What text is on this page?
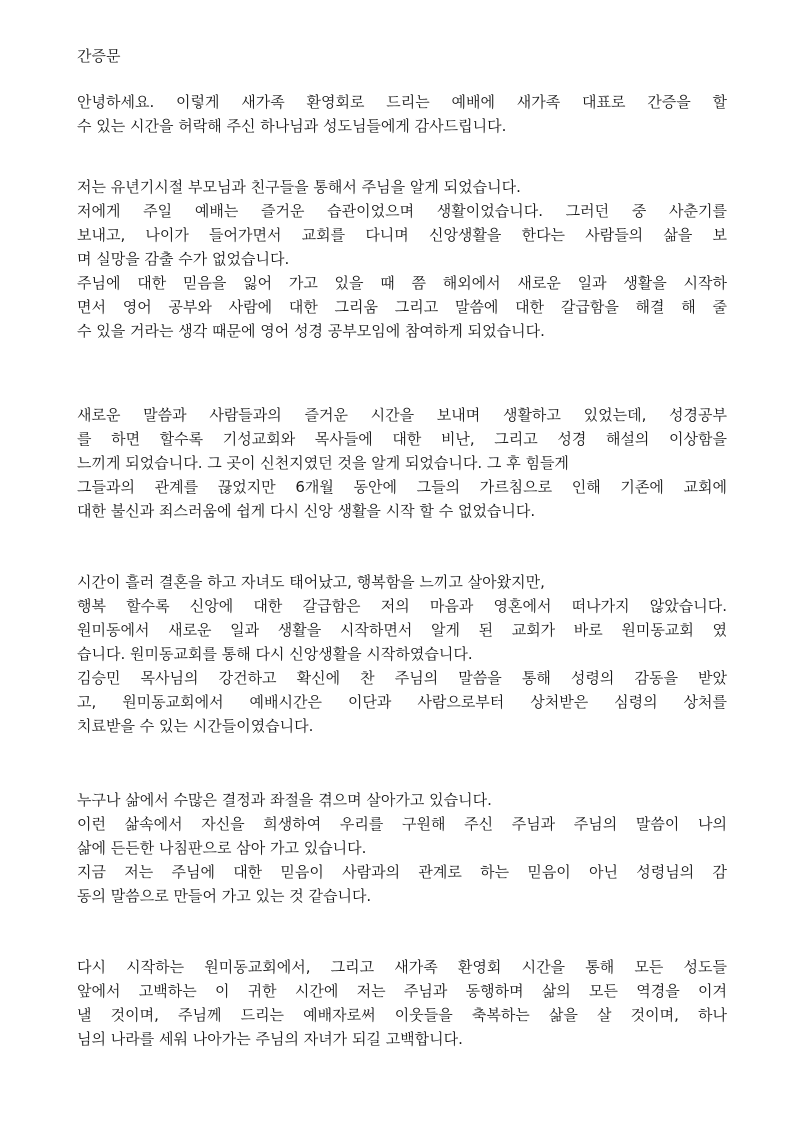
간증문
안녕하세요. 이렇게 새가족 환영회로 드리는 예배에 새가족 대표로 간증을 할
수 있는 시간을 허락해 주신 하나님과 성도님들에게 감사드립니다.
저는 유년기시절 부모님과 친구들을 통해서 주님을 알게 되었습니다.
저에게 주일 예배는 즐거운 습관이었으며 생활이었습니다. 그러던 중 사춘기를
보내고, 나이가 들어가면서 교회를 다니며 신앙생활을 한다는 사람들의 삶을 보
며 실망을 감출 수가 없었습니다.
주님에 대한 믿음을 잃어 가고 있을 때 쯤 해외에서 새로운 일과 생활을 시작하
면서 영어 공부와 사람에 대한 그리움 그리고 말씀에 대한 갈급함을 해결 해 줄
수 있을 거라는 생각 때문에 영어 성경 공부모임에 참여하게 되었습니다.
새로운 말씀과 사람들과의 즐거운 시간을 보내며 생활하고 있었는데, 성경공부
를 하면 할수록 기성교회와 목사들에 대한 비난, 그리고 성경 해설의 이상함을
느끼게 되었습니다. 그 곳이 신천지였던 것을 알게 되었습니다. 그 후 힘들게
그들과의 관계를 끊었지만 6개월 동안에 그들의 가르침으로 인해 기존에 교회에
대한 불신과 죄스러움에 쉽게 다시 신앙 생활을 시작 할 수 없었습니다.
시간이 흘러 결혼을 하고 자녀도 태어났고, 행복함을 느끼고 살아왔지만,
행복 할수록 신앙에 대한 갈급함은 저의 마음과 영혼에서 떠나가지 않았습니다.
원미동에서 새로운 일과 생활을 시작하면서 알게 된 교회가 바로 원미동교회 였
습니다. 원미동교회를 통해 다시 신앙생활을 시작하였습니다.
김승민 목사님의 강건하고 확신에 찬 주님의 말씀을 통해 성령의 감동을 받았
고, 원미동교회에서 예배시간은 이단과 사람으로부터 상처받은 심령의 상처를
치료받을 수 있는 시간들이였습니다.
누구나 삶에서 수많은 결정과 좌절을 겪으며 살아가고 있습니다.
이런 삶속에서 자신을 희생하여 우리를 구원해 주신 주님과 주님의 말씀이 나의
삶에 든든한 나침판으로 삼아 가고 있습니다.
지금 저는 주님에 대한 믿음이 사람과의 관계로 하는 믿음이 아닌 성령님의 감
동의 말씀으로 만들어 가고 있는 것 같습니다.
다시 시작하는 원미동교회에서, 그리고 새가족 환영회 시간을 통해 모든 성도들
앞에서 고백하는 이 귀한 시간에 저는 주님과 동행하며 삶의 모든 역경을 이겨
낼 것이며, 주님께 드리는 예배자로써 이웃들을 축복하는 삶을 살 것이며, 하나
님의 나라를 세워 나아가는 주님의 자녀가 되길 고백합니다.
